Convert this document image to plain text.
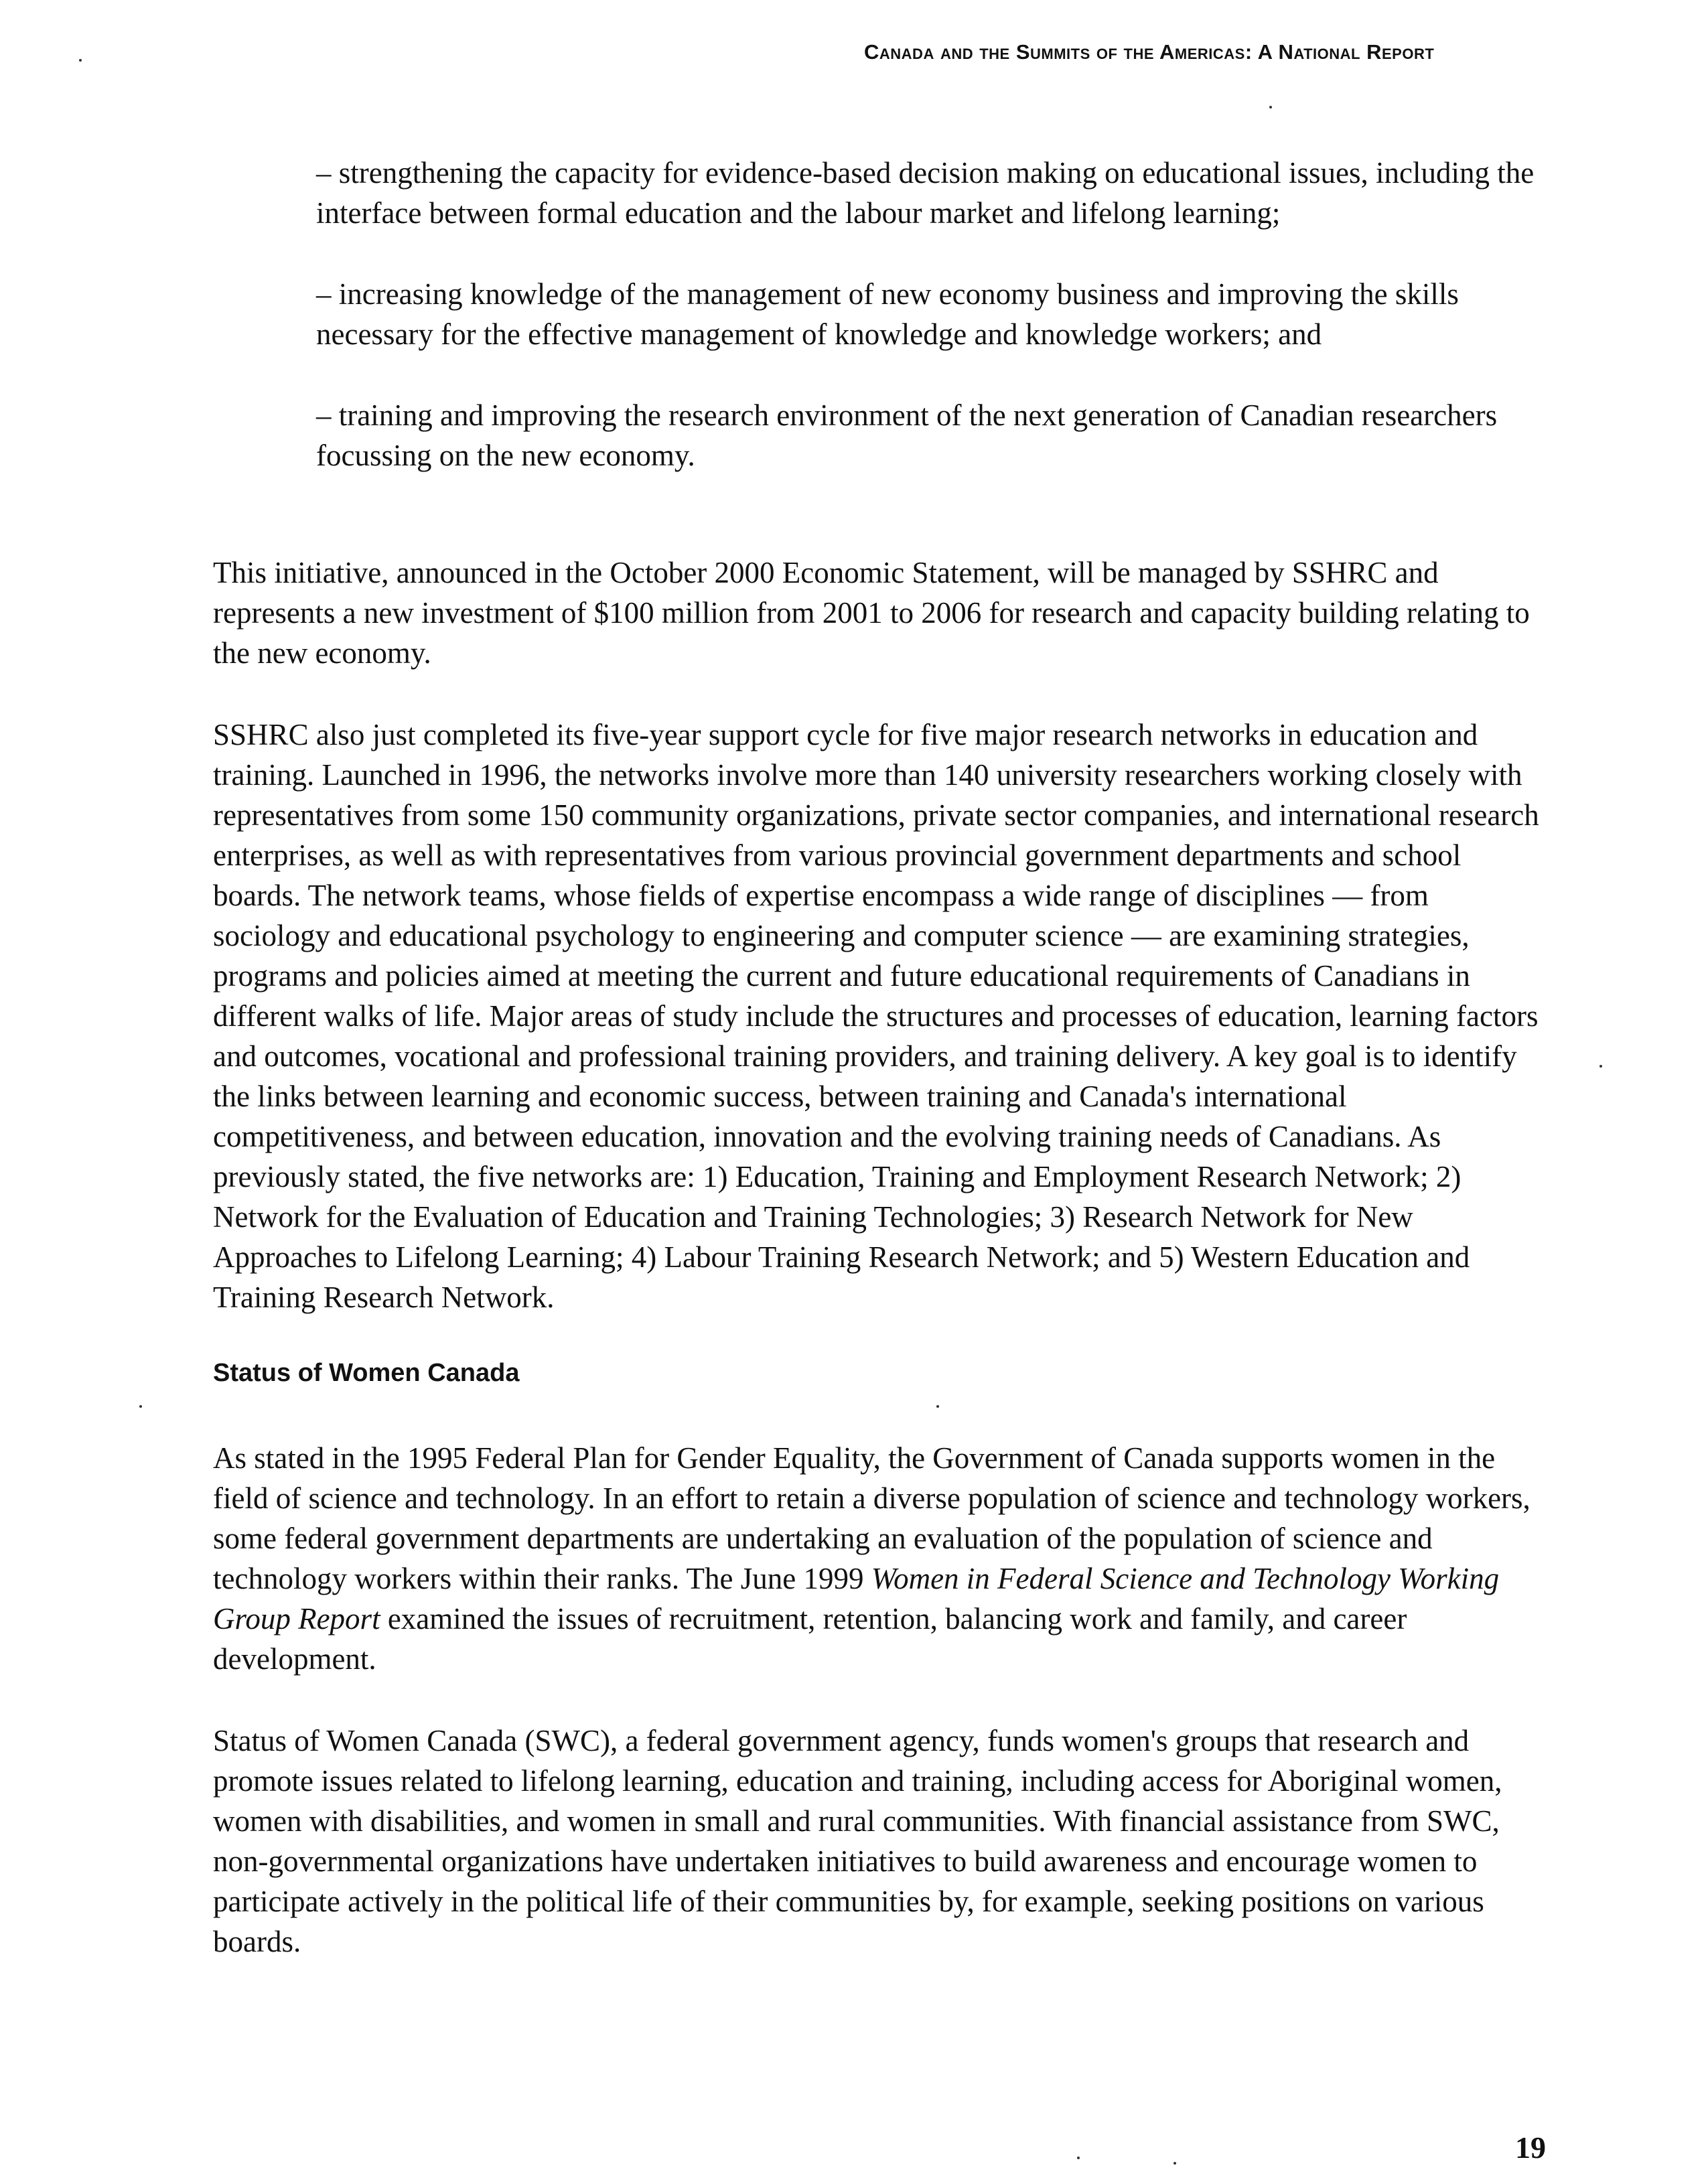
Canada and the Summits of the Americas: A National Report

– strengthening the capacity for evidence-based decision making on educational issues, including the interface between formal education and the labour market and lifelong learning;

– increasing knowledge of the management of new economy business and improving the skills necessary for the effective management of knowledge and knowledge workers; and

– training and improving the research environment of the next generation of Canadian researchers focussing on the new economy.

This initiative, announced in the October 2000 Economic Statement, will be managed by SSHRC and represents a new investment of $100 million from 2001 to 2006 for research and capacity building relating to the new economy.

SSHRC also just completed its five-year support cycle for five major research networks in education and training. Launched in 1996, the networks involve more than 140 university researchers working closely with representatives from some 150 community organizations, private sector companies, and international research enterprises, as well as with representatives from various provincial government departments and school boards. The network teams, whose fields of expertise encompass a wide range of disciplines — from sociology and educational psychology to engineering and computer science — are examining strategies, programs and policies aimed at meeting the current and future educational requirements of Canadians in different walks of life. Major areas of study include the structures and processes of education, learning factors and outcomes, vocational and professional training providers, and training delivery. A key goal is to identify the links between learning and economic success, between training and Canada's international competitiveness, and between education, innovation and the evolving training needs of Canadians. As previously stated, the five networks are: 1) Education, Training and Employment Research Network; 2) Network for the Evaluation of Education and Training Technologies; 3) Research Network for New Approaches to Lifelong Learning; 4) Labour Training Research Network; and 5) Western Education and Training Research Network.

Status of Women Canada

As stated in the 1995 Federal Plan for Gender Equality, the Government of Canada supports women in the field of science and technology. In an effort to retain a diverse population of science and technology workers, some federal government departments are undertaking an evaluation of the population of science and technology workers within their ranks. The June 1999 Women in Federal Science and Technology Working Group Report examined the issues of recruitment, retention, balancing work and family, and career development.

Status of Women Canada (SWC), a federal government agency, funds women's groups that research and promote issues related to lifelong learning, education and training, including access for Aboriginal women, women with disabilities, and women in small and rural communities. With financial assistance from SWC, non-governmental organizations have undertaken initiatives to build awareness and encourage women to participate actively in the political life of their communities by, for example, seeking positions on various boards.

19
